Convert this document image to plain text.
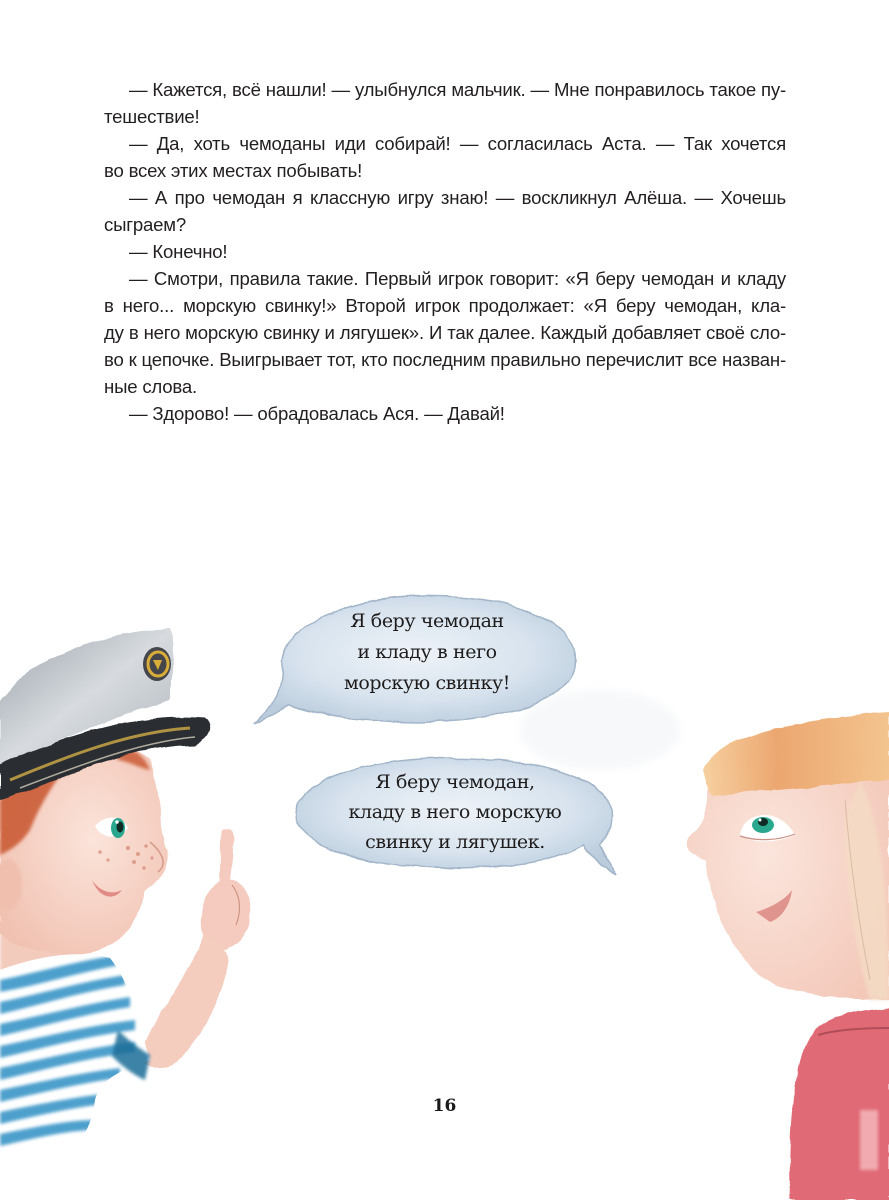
— Кажется, всё нашли! — улыбнулся мальчик. — Мне понравилось такое пу-
тешествие!

— Да, хоть чемоданы иди собирай! — согласилась Аста. — Так хочется
во всех этих местах побывать!

— А про чемодан я классную игру знаю! — воскликнул Алёша. — Хочешь
сыграем?

— Конечно!

— Смотри, правила такие. Первый игрок говорит: «Я беру чемодан и кладу
в него... морскую свинку!» Второй игрок продолжает: «Я беру чемодан, кла-
ду в него морскую свинку и лягушек». И так далее. Каждый добавляет своё сло-
во к цепочке. Выигрывает тот, кто последним правильно перечислит все назван-
ные слова.

— Здорово! — обрадовалась Ася. — Давай!

Я беру чемодан
и кладу в него
морскую свинку!
Я беру чемодан,
кладу в него морскую
свинку и лягушек.
16
